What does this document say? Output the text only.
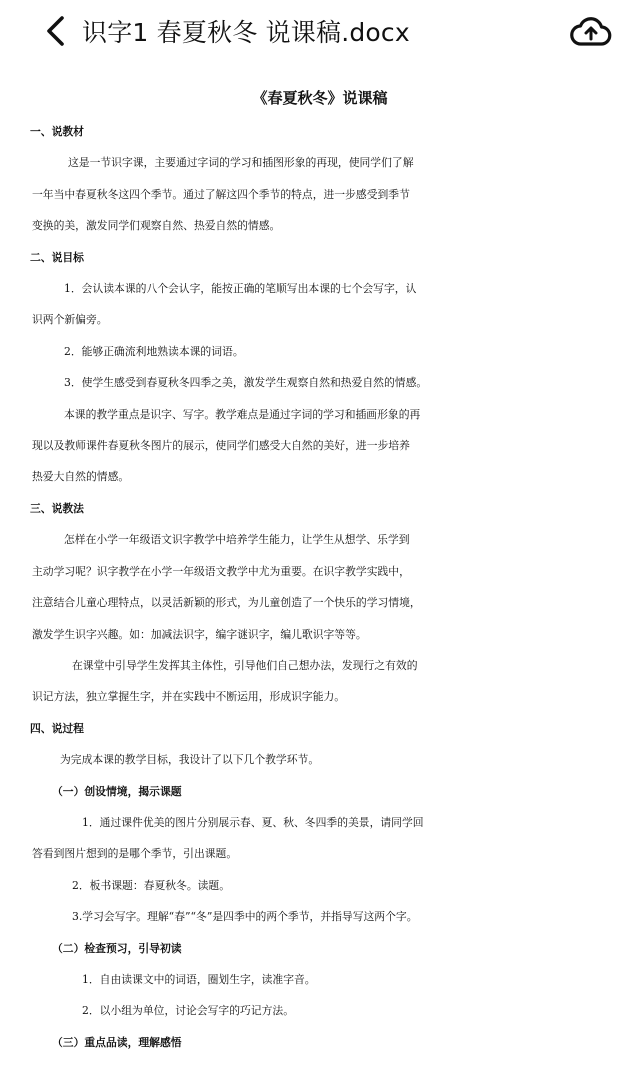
识字1 春夏秋冬 说课稿.docx
《春夏秋冬》说课稿
一、说教材
这是一节识字课，主要通过字词的学习和插图形象的再现，使同学们了解
一年当中春夏秋冬这四个季节。通过了解这四个季节的特点，进一步感受到季节
变换的美，激发同学们观察自然、热爱自然的情感。
二、说目标
1．会认读本课的八个会认字，能按正确的笔顺写出本课的七个会写字，认
识两个新偏旁。
2．能够正确流利地熟读本课的词语。
3．使学生感受到春夏秋冬四季之美，激发学生观察自然和热爱自然的情感。
本课的教学重点是识字、写字。教学难点是通过字词的学习和插画形象的再
现以及教师课件春夏秋冬图片的展示，使同学们感受大自然的美好，进一步培养
热爱大自然的情感。
三、说教法
怎样在小学一年级语文识字教学中培养学生能力，让学生从想学、乐学到
主动学习呢？识字教学在小学一年级语文教学中尤为重要。在识字教学实践中，
注意结合儿童心理特点，以灵活新颖的形式，为儿童创造了一个快乐的学习情境，
激发学生识字兴趣。如：加减法识字，编字谜识字，编儿歌识字等等。
在课堂中引导学生发挥其主体性，引导他们自己想办法，发现行之有效的
识记方法，独立掌握生字，并在实践中不断运用，形成识字能力。
四、说过程
为完成本课的教学目标，我设计了以下几个教学环节。
（一）创设情境，揭示课题
1．通过课件优美的图片分别展示春、夏、秋、冬四季的美景，请同学回
答看到图片想到的是哪个季节，引出课题。
2．板书课题：春夏秋冬。读题。
3.学习会写字。理解“春”“冬”是四季中的两个季节，并指导写这两个字。
（二）检查预习，引导初读
1．自由读课文中的词语，圈划生字，读准字音。
2．以小组为单位，讨论会写字的巧记方法。
（三）重点品读，理解感悟
